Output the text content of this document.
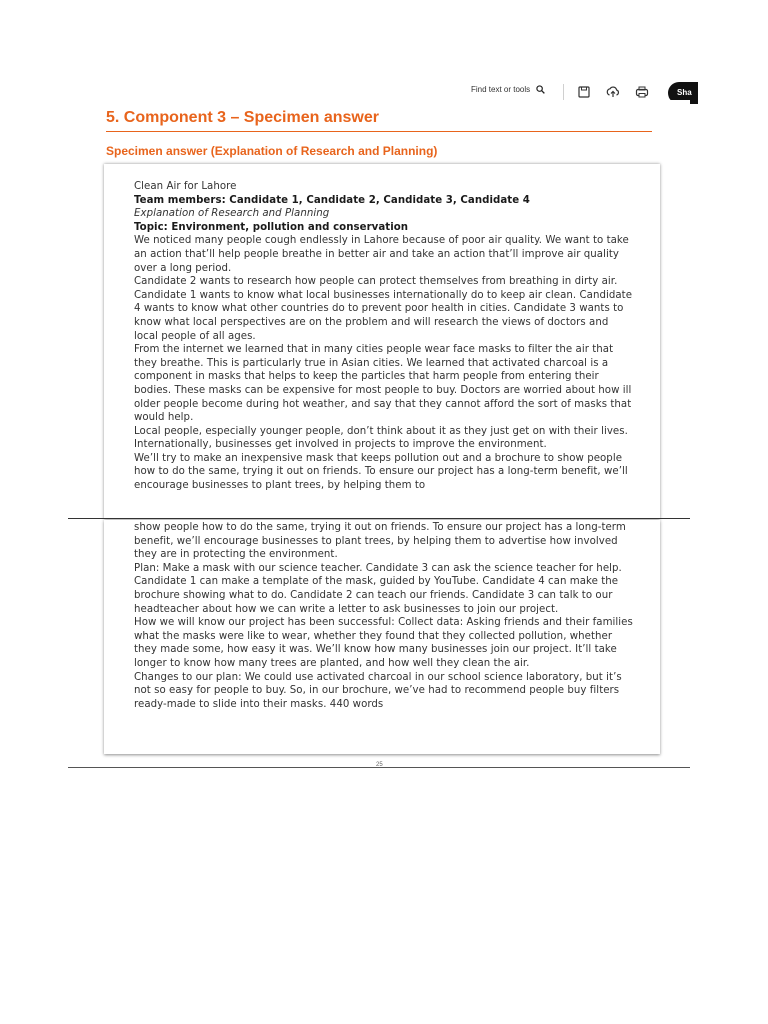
Find text or tools	Sha
5. Component 3 – Specimen answer
Specimen answer (Explanation of Research and Planning)

Clean Air for Lahore

Team members: Candidate 1, Candidate 2, Candidate 3, Candidate 4

Explanation of Research and Planning

Topic: Environment, pollution and conservation

We noticed many people cough endlessly in Lahore because of poor air quality. We want to take an action that’ll help people breathe in better air and take an action that’ll improve air quality over a long period.

Candidate 2 wants to research how people can protect themselves from breathing in dirty air. Candidate 1 wants to know what local businesses internationally do to keep air clean. Candidate 4 wants to know what other countries do to prevent poor health in cities. Candidate 3 wants to know what local perspectives are on the problem and will research the views of doctors and local people of all ages.

From the internet we learned that in many cities people wear face masks to filter the air that they breathe. This is particularly true in Asian cities. We learned that activated charcoal is a component in masks that helps to keep the particles that harm people from entering their bodies. These masks can be expensive for most people to buy. Doctors are worried about how ill older people become during hot weather, and say that they cannot afford the sort of masks that would help.

Local people, especially younger people, don’t think about it as they just get on with their lives. Internationally, businesses get involved in projects to improve the environment.

We’ll try to make an inexpensive mask that keeps pollution out and a brochure to show people how to do the same, trying it out on friends. To ensure our project has a long-term benefit, we’ll encourage businesses to plant trees, by helping them to

show people how to do the same, trying it out on friends. To ensure our project has a long-term benefit, we’ll encourage businesses to plant trees, by helping them to advertise how involved they are in protecting the environment.

Plan: Make a mask with our science teacher. Candidate 3 can ask the science teacher for help. Candidate 1 can make a template of the mask, guided by YouTube. Candidate 4 can make the brochure showing what to do. Candidate 2 can teach our friends. Candidate 3 can talk to our headteacher about how we can write a letter to ask businesses to join our project.

How we will know our project has been successful: Collect data: Asking friends and their families what the masks were like to wear, whether they found that they collected pollution, whether they made some, how easy it was. We’ll know how many businesses join our project. It’ll take longer to know how many trees are planted, and how well they clean the air.

Changes to our plan: We could use activated charcoal in our school science laboratory, but it’s not so easy for people to buy. So, in our brochure, we’ve had to recommend people buy filters ready-made to slide into their masks. 440 words

25
